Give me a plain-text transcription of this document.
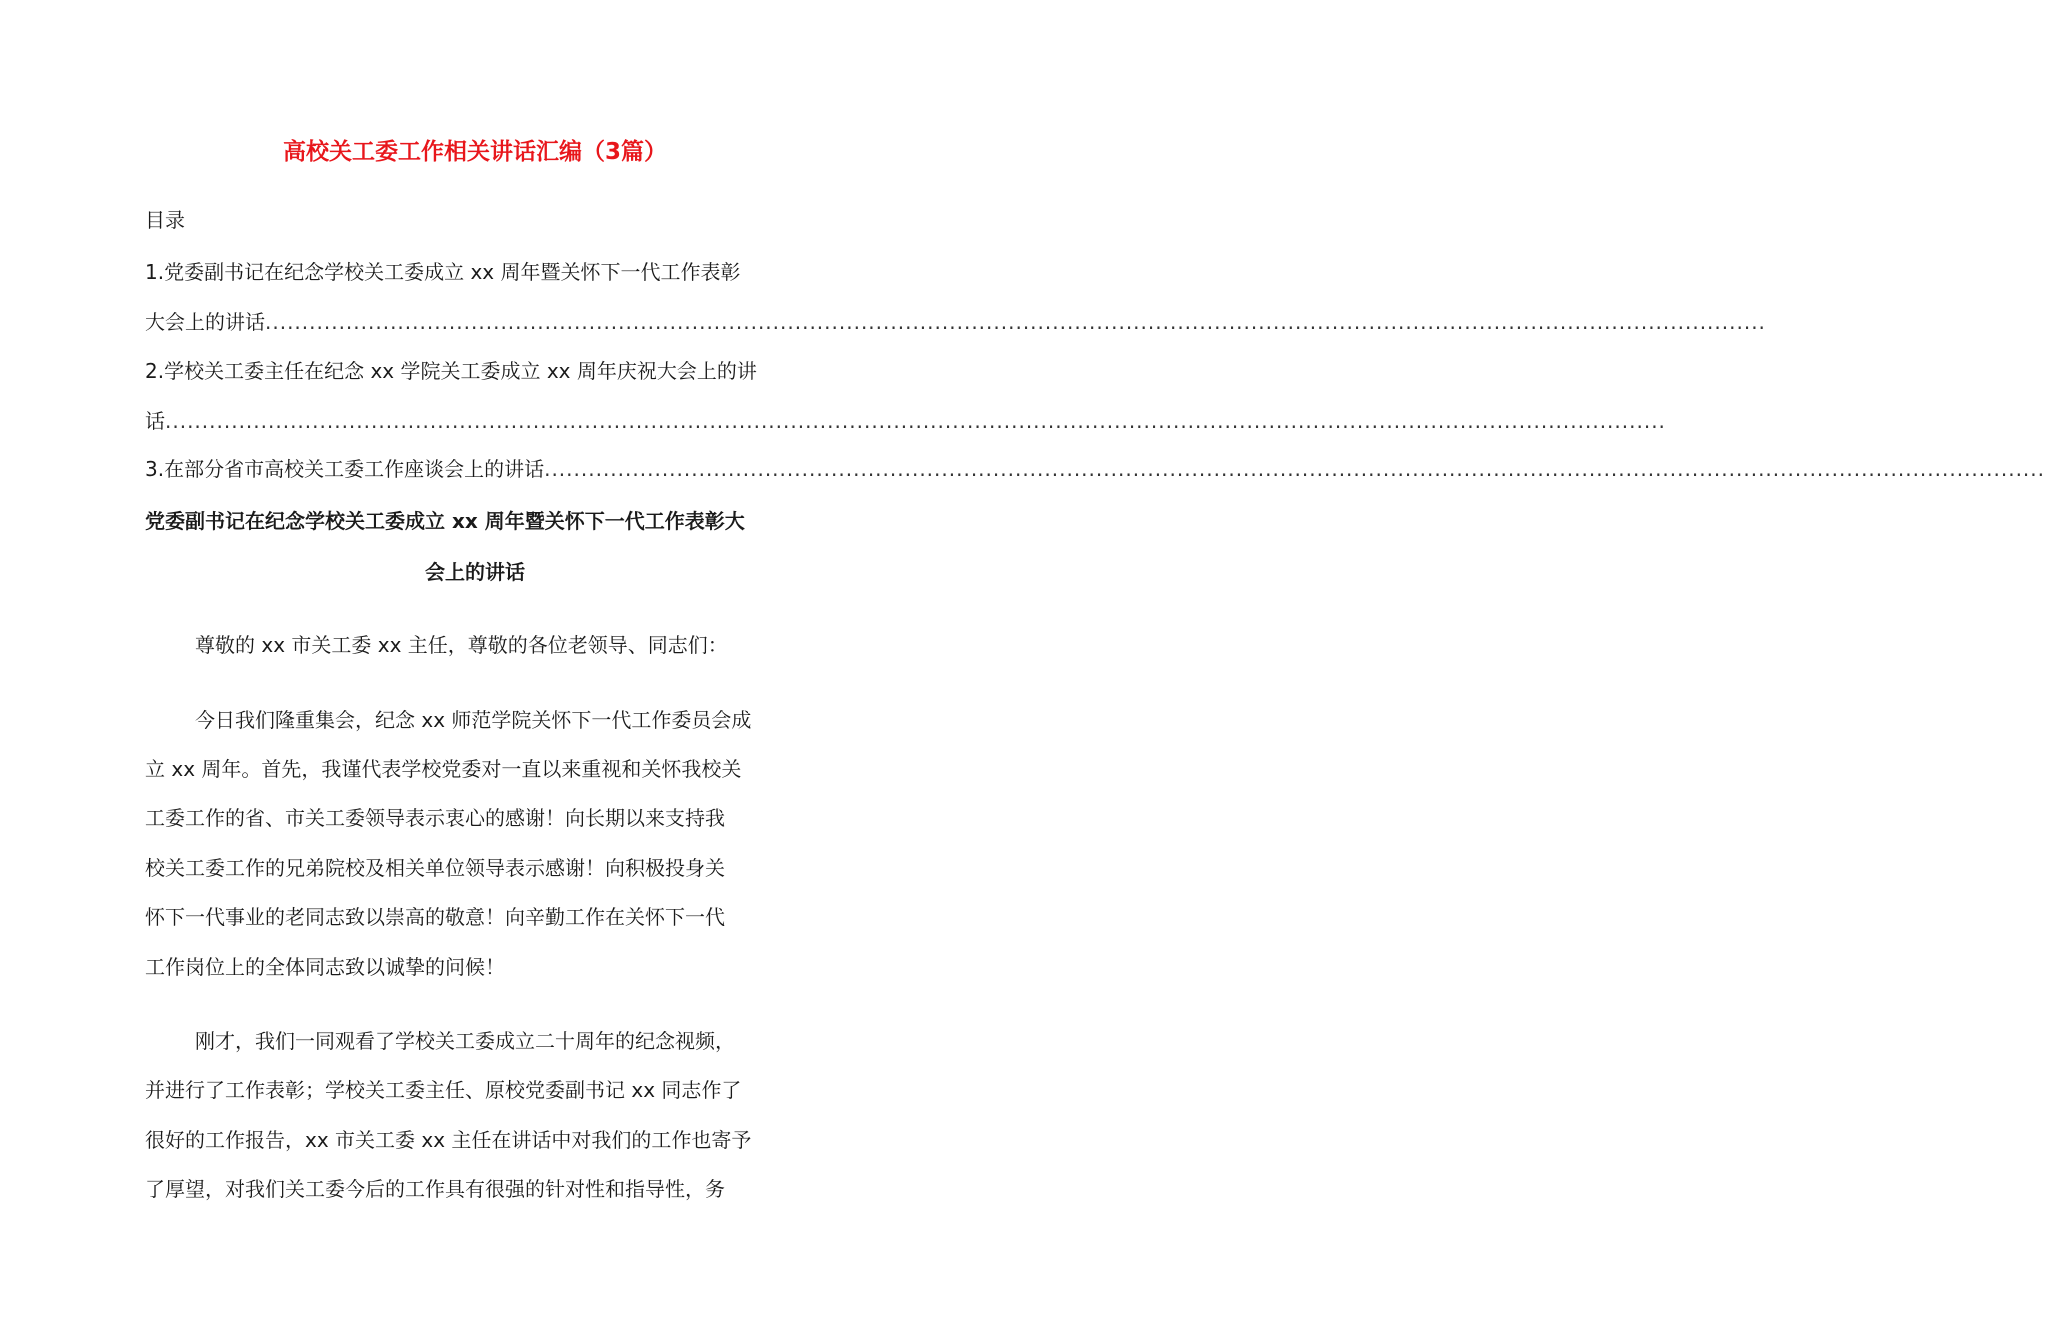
高校关工委工作相关讲话汇编（3篇）

目录

1.党委副书记在纪念学校关工委成立 xx 周年暨关怀下一代工作表彰

大会上的讲话 ............................................................................................................................................................................................................

2.学校关工委主任在纪念 xx 学院关工委成立 xx 周年庆祝大会上的讲

话 ............................................................................................................................................................................................................

3.在部分省市高校关工委工作座谈会上的讲话 ............................................................................................................................................................................................................

党委副书记在纪念学校关工委成立 xx 周年暨关怀下一代工作表彰大
会上的讲话

尊敬的 xx 市关工委 xx 主任，尊敬的各位老领导、同志们：

今日我们隆重集会，纪念 xx 师范学院关怀下一代工作委员会成

立 xx 周年。首先，我谨代表学校党委对一直以来重视和关怀我校关

工委工作的省、市关工委领导表示衷心的感谢！向长期以来支持我

校关工委工作的兄弟院校及相关单位领导表示感谢！向积极投身关

怀下一代事业的老同志致以崇高的敬意！向辛勤工作在关怀下一代

工作岗位上的全体同志致以诚挚的问候！

刚才，我们一同观看了学校关工委成立二十周年的纪念视频，

并进行了工作表彰；学校关工委主任、原校党委副书记 xx 同志作了

很好的工作报告，xx 市关工委 xx 主任在讲话中对我们的工作也寄予

了厚望，对我们关工委今后的工作具有很强的针对性和指导性，务
